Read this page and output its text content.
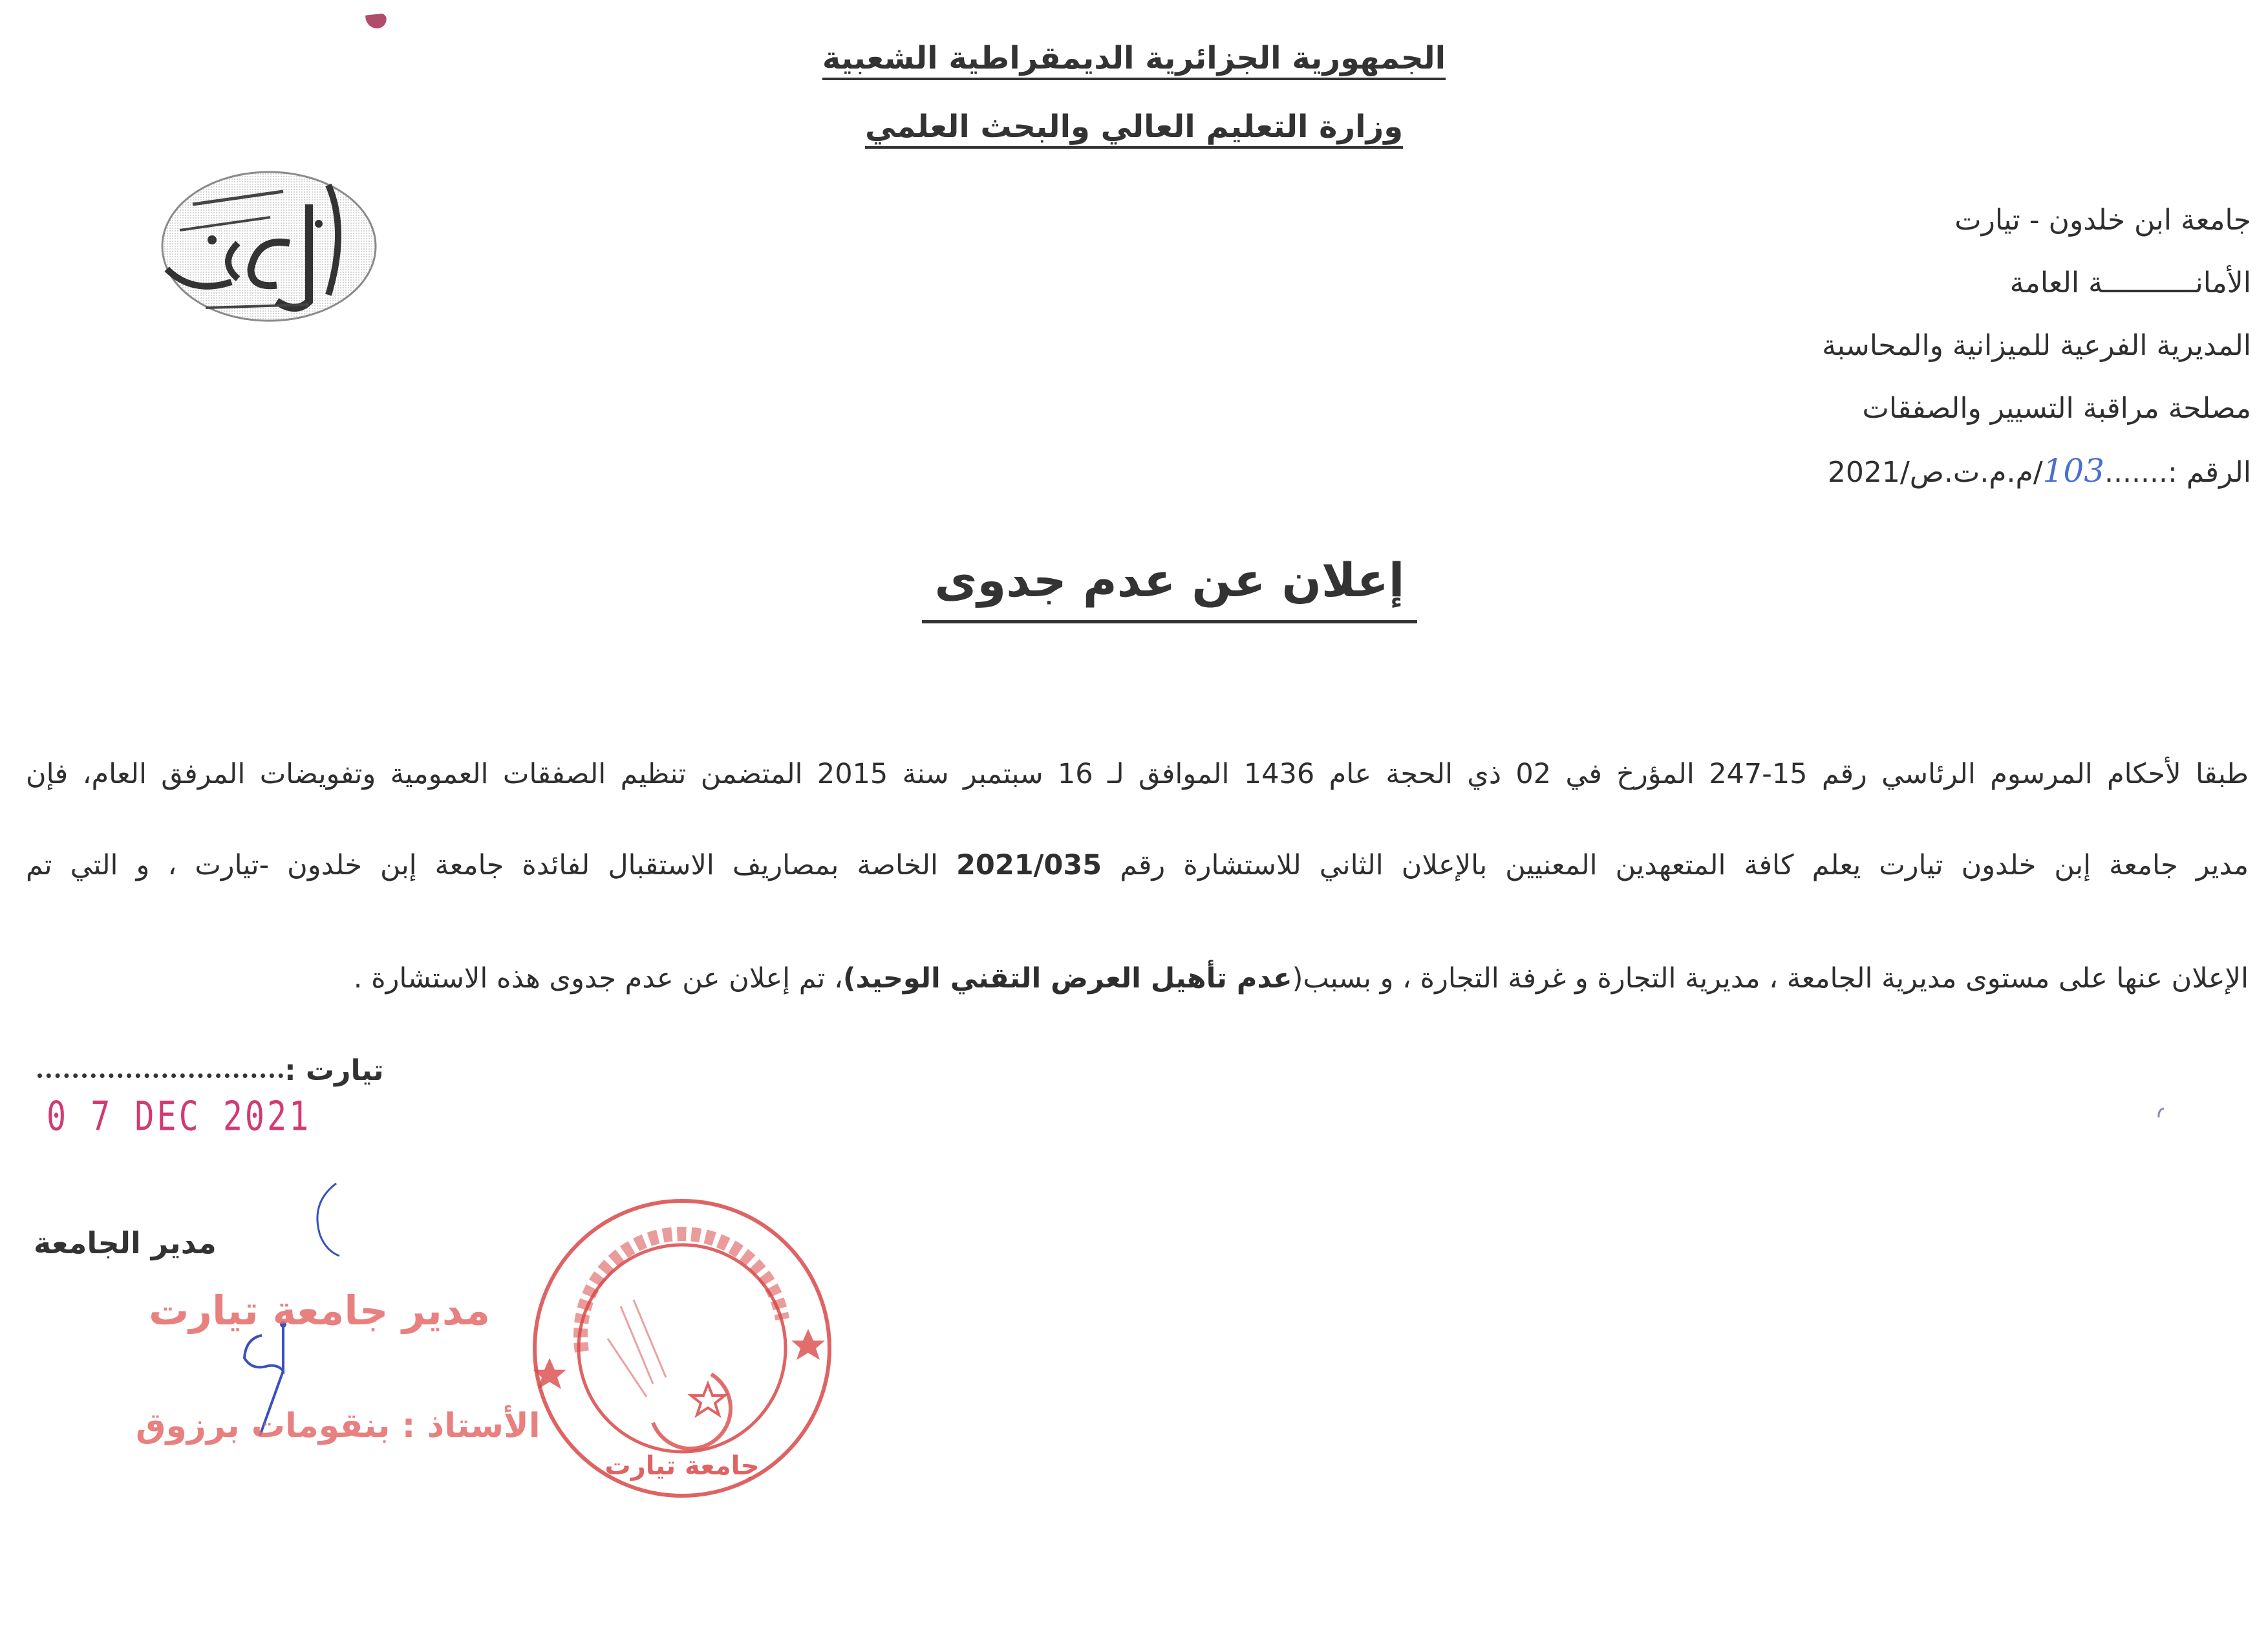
الجمهورية الجزائرية الديمقراطية الشعبية
وزارة التعليم العالي والبحث العلمي
جامعة ابن خلدون - تيارت
الأمانـــــــــــة العامة
المديرية الفرعية للميزانية والمحاسبة
مصلحة مراقبة التسيير والصفقات
الرقم :.......103/م.م.ت.ص/2021
إعلان عن عدم جدوى
طبقا لأحكام المرسوم الرئاسي رقم 15-247 المؤرخ في 02 ذي الحجة عام 1436 الموافق لـ 16 سبتمبر سنة 2015 المتضمن تنظيم الصفقات العمومية وتفويضات المرفق العام، فإن
مدير جامعة إبن خلدون تيارت يعلم كافة المتعهدين المعنيين بالإعلان الثاني للاستشارة رقم 2021/035 الخاصة بمصاريف الاستقبال لفائدة جامعة إبن خلدون -تيارت ، و التي تم
الإعلان عنها على مستوى مديرية الجامعة ، مديرية التجارة و غرفة التجارة ، و بسبب(عدم تأهيل العرض التقني الوحيد)، تم إعلان عن عدم جدوى هذه الاستشارة .
تيارت :
0 7 DEC 2021
مدير الجامعة
مدير جامعة تيارت
الأستاذ : بنقومات برزوق
جامعة تيارت
